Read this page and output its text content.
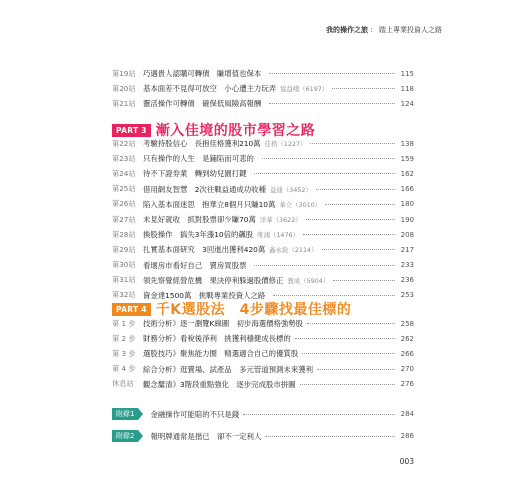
我的操作之旅 ： 踏上專業投資人之路
第19站	巧遇貴人認購可轉債　賺增值也保本	115
第20站	基本面差不見得可放空　小心遭主力玩弄 協益哦（6197）	118
第21站	靈活操作可轉債　確保低風險高報酬	124
PART 3 漸入佳境的股市學習之路
第22站	考驗持股信心　長抱佳格獲利210萬 佳格（1227）	138
第23站	只有操作的人生　是鋪陷而可悲的	159
第24站	待不下證券業　轉到幼兒園打鍵	162
第25站	借用網友智慧　2次往戰益通成功收種 益通（3452）	166
第26站	陷入基本面迷思　抱華立8個月只賺10萬 華立（3010）	180
第27站	未見好就收　抓對股票卻少賺70萬 洋華（3622）	190
第28站	換股操作　搞失3年漲10倍的飆股 唯鴻（1476）	208
第29站	扎實基本面研究　3回進出獲利420萬 鑫永銓（2114）	217
第30站	看壞房市看好自己　賣房買股票	233
第31站	領先察覺經營危機　果決停利躲過股價修正 寶成（5904）	236
第32站	資金達1500萬　挑戰專業投資人之路	253
PART 4 千K選股法　4步驟找最佳標的
第 1 步	技術分析》逐一瀏覽K線圖　初步海選價格強勢股	258
第 2 步	財務分析》看稅後淨利　挑獲利穩健成長標的	262
第 3 步	選股技巧》聚焦能力圈　精選適合自己的優質股	266
第 4 步	綜合分析》逛賣場、試產品　多元管道預測未來獲利	270
休息站	觀念釐清》3階段重點強化　逐步完成股市拼圖	276
附錄1	金融操作可能賠的不只是錢	284
附錄2	報明牌通常是揩已　卻不一定利人	286
003
